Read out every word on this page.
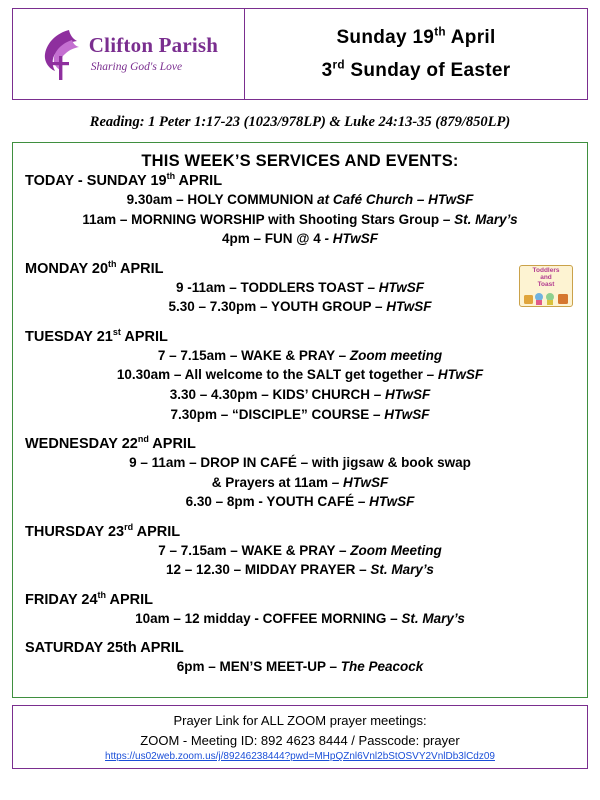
Clifton Parish
Sharing God's Love
Sunday 19th April
3rd Sunday of Easter
Reading: 1 Peter 1:17-23 (1023/978LP) & Luke 24:13-35 (879/850LP)
THIS WEEK’S SERVICES AND EVENTS:
Toddlers
and
Toast
TODAY - SUNDAY 19th APRIL
9.30am – HOLY COMMUNION at Café Church – HTwSF
11am – MORNING WORSHIP with Shooting Stars Group – St. Mary’s
4pm – FUN @ 4 - HTwSF
MONDAY 20th APRIL
9 -11am – TODDLERS TOAST – HTwSF
5.30 – 7.30pm – YOUTH GROUP – HTwSF
TUESDAY 21st APRIL
7 – 7.15am – WAKE & PRAY – Zoom meeting
10.30am – All welcome to the SALT get together – HTwSF
3.30 – 4.30pm – KIDS’ CHURCH – HTwSF
7.30pm – “DISCIPLE” COURSE – HTwSF
WEDNESDAY 22nd APRIL
9 – 11am – DROP IN CAFÉ – with jigsaw & book swap
& Prayers at 11am – HTwSF
6.30 – 8pm - YOUTH CAFÉ – HTwSF
THURSDAY 23rd APRIL
7 – 7.15am – WAKE & PRAY – Zoom Meeting
12 – 12.30 – MIDDAY PRAYER – St. Mary’s
FRIDAY 24th APRIL
10am – 12 midday - COFFEE MORNING – St. Mary’s
SATURDAY 25th APRIL
6pm – MEN’S MEET-UP – The Peacock
Prayer Link for ALL ZOOM prayer meetings:
ZOOM - Meeting ID: 892 4623 8444 / Passcode: prayer
https://us02web.zoom.us/j/89246238444?pwd=MHpQZnl6Vnl2bStOSVY2VnlDb3lCdz09
